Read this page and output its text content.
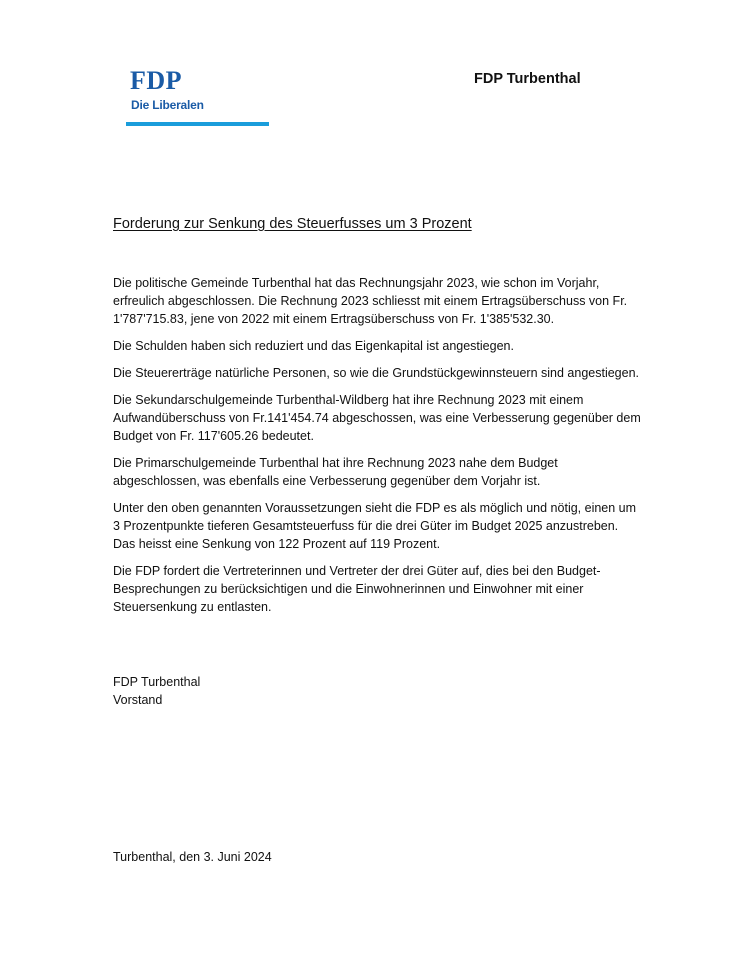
FDP
Die Liberalen
FDP Turbenthal
Forderung zur Senkung des Steuerfusses um 3 Prozent

Die politische Gemeinde Turbenthal hat das Rechnungsjahr 2023, wie schon im Vorjahr, erfreulich abgeschlossen. Die Rechnung 2023 schliesst mit einem Ertragsüberschuss von Fr. 1'787'715.83, jene von 2022 mit einem Ertragsüberschuss von Fr. 1'385'532.30.

Die Schulden haben sich reduziert und das Eigenkapital ist angestiegen.

Die Steuererträge natürliche Personen, so wie die Grundstückgewinnsteuern sind angestiegen.

Die Sekundarschulgemeinde Turbenthal-Wildberg hat ihre Rechnung 2023 mit einem Aufwandüberschuss von Fr.141'454.74 abgeschossen, was eine Verbesserung gegenüber dem Budget von Fr. 117'605.26 bedeutet.

Die Primarschulgemeinde Turbenthal hat ihre Rechnung 2023 nahe dem Budget abgeschlossen, was ebenfalls eine Verbesserung gegenüber dem Vorjahr ist.

Unter den oben genannten Voraussetzungen sieht die FDP es als möglich und nötig, einen um 3 Prozentpunkte tieferen Gesamtsteuerfuss für die drei Güter im Budget 2025 anzustreben. Das heisst eine Senkung von 122 Prozent auf 119 Prozent.

Die FDP fordert die Vertreterinnen und Vertreter der drei Güter auf, dies bei den Budget-Besprechungen zu berücksichtigen und die Einwohnerinnen und Einwohner mit einer Steuersenkung zu entlasten.

FDP Turbenthal
Vorstand
Turbenthal, den 3. Juni 2024
